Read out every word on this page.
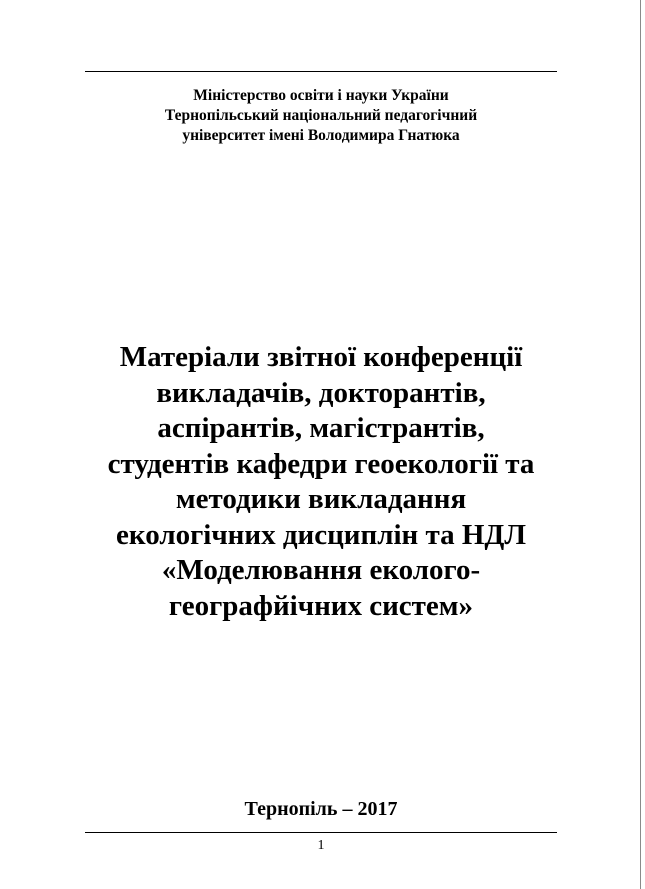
Міністерство освіти і науки України
Тернопільський національний педагогічний
університет імені Володимира Гнатюка
Матеріали звітної конференції
викладачів, докторантів,
аспірантів, магістрантів,
студентів кафедри геоекології та
методики викладання
екологічних дисциплін та НДЛ
«Моделювання еколого-
географйічних систем»
Тернопіль – 2017
1
